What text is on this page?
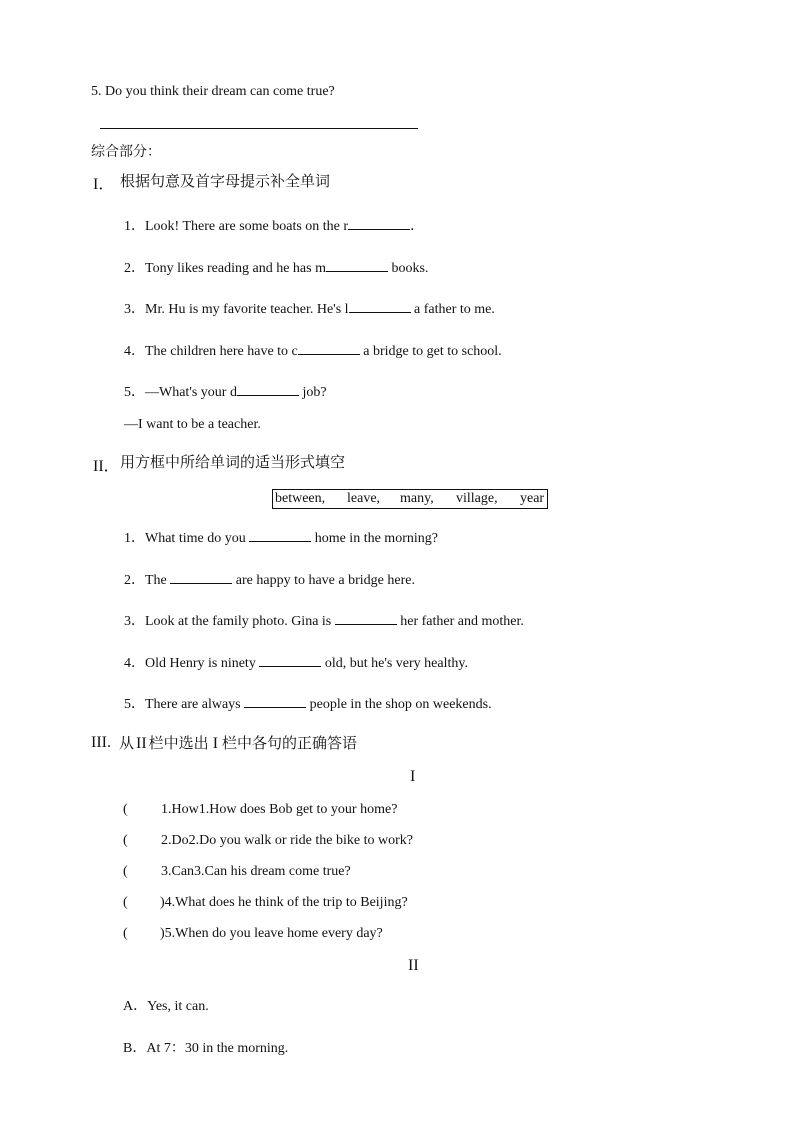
5. Do you think their dream can come true?
综合部分：
I． 根据句意及首字母提示补全单词
1．Look! There are some boats on the r	．
2．Tony likes reading and he has m	books.
3．Mr. Hu is my favorite teacher. He's l	a father to me.
4．The children here have to c	a bridge to get to school.
5．—What's your d	job?
—I want to be a teacher.
II． 用方框中所给单词的适当形式填空
between, leave, many, village, year
1．What time do you	home in the morning?
2．The	are happy to have a bridge here.
3．Look at the family photo. Gina is	her father and mother.
4．Old Henry is ninety	old, but he's very healthy.
5．There are always	people in the shop on weekends.
III. 从 II 栏中选出 I 栏中各句的正确答语
I
( 1.How1.How does Bob get to your home?
( 2.Do2.Do you walk or ride the bike to work?
( 3.Can3.Can his dream come true?
( )4.What does he think of the trip to Beijing?
( )5.When do you leave home every day?
II
A．Yes, it can.
B．At 7：30 in the morning.
